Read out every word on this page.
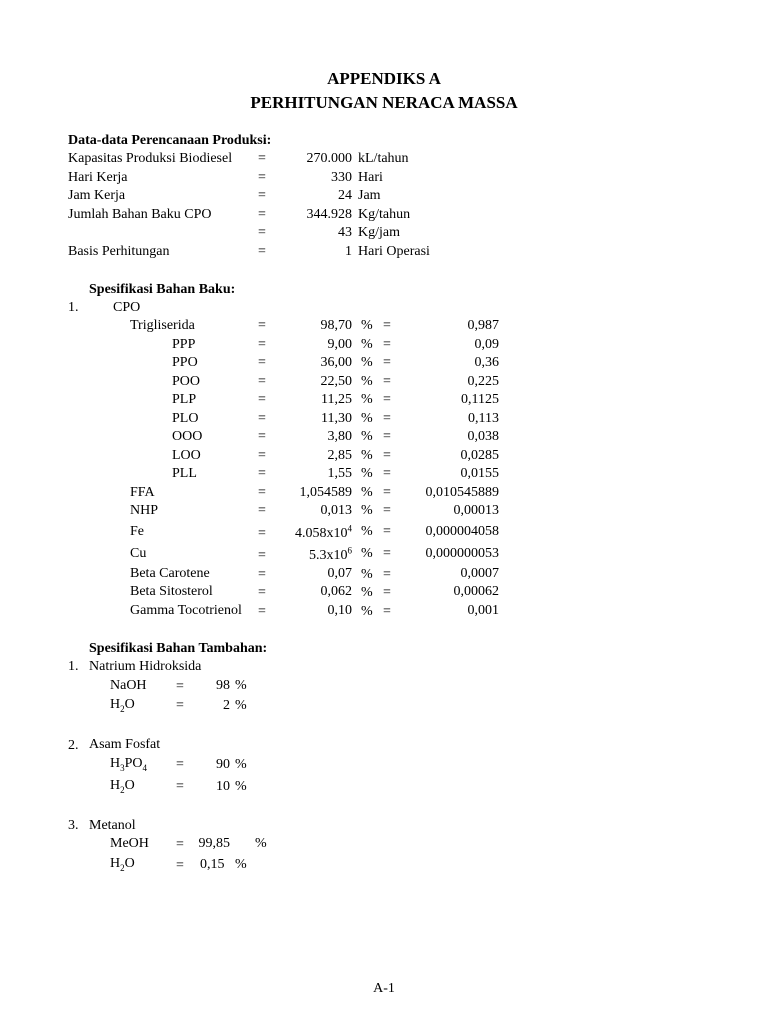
APPENDIKS A
PERHITUNGAN NERACA MASSA
Data-data Perencanaan Produksi:
Kapasitas Produksi Biodiesel =	270.000 kL/tahun
Hari Kerja	=	330 Hari
Jam Kerja	=	24 Jam
Jumlah Bahan Baku CPO	=	344.928 Kg/tahun
=	43 Kg/jam
Basis Perhitungan	=	1 Hari Operasi
Spesifikasi Bahan Baku:
1. CPO
Trigliserida	=	98,70 % =	0,987
PPP	=	9,00 % =	0,09
PPO	=	36,00 % =	0,36
POO	=	22,50 % =	0,225
PLP	=	11,25 % =	0,1125
PLO	=	11,30 % =	0,113
OOO	=	3,80 % =	0,038
LOO	=	2,85 % =	0,0285
PLL	=	1,55 % =	0,0155
FFA	=	1,054589 % =	0,010545889
NHP	=	0,013 % =	0,00013
Fe	=	$4.058x10^4$ % =	0,000004058
Cu	=	$5.3x10^6$ % =	0,000000053
Beta Carotene	=	0,07 % =	0,0007
Beta Sitosterol	=	0,062 % =	0,00062
Gamma Tocotrienol	=	0,10 % =	0,001
Spesifikasi Bahan Tambahan:
1. Natrium Hidroksida
NaOH =	98 %
$H_2O$	=	2 %
2. Asam Fosfat
$H_3PO_4$ =	90 %
$H_2O$	=	10 %
3. Metanol
MeOH =	99,85 %
$H_2O$	= 0,15 %
A-1
